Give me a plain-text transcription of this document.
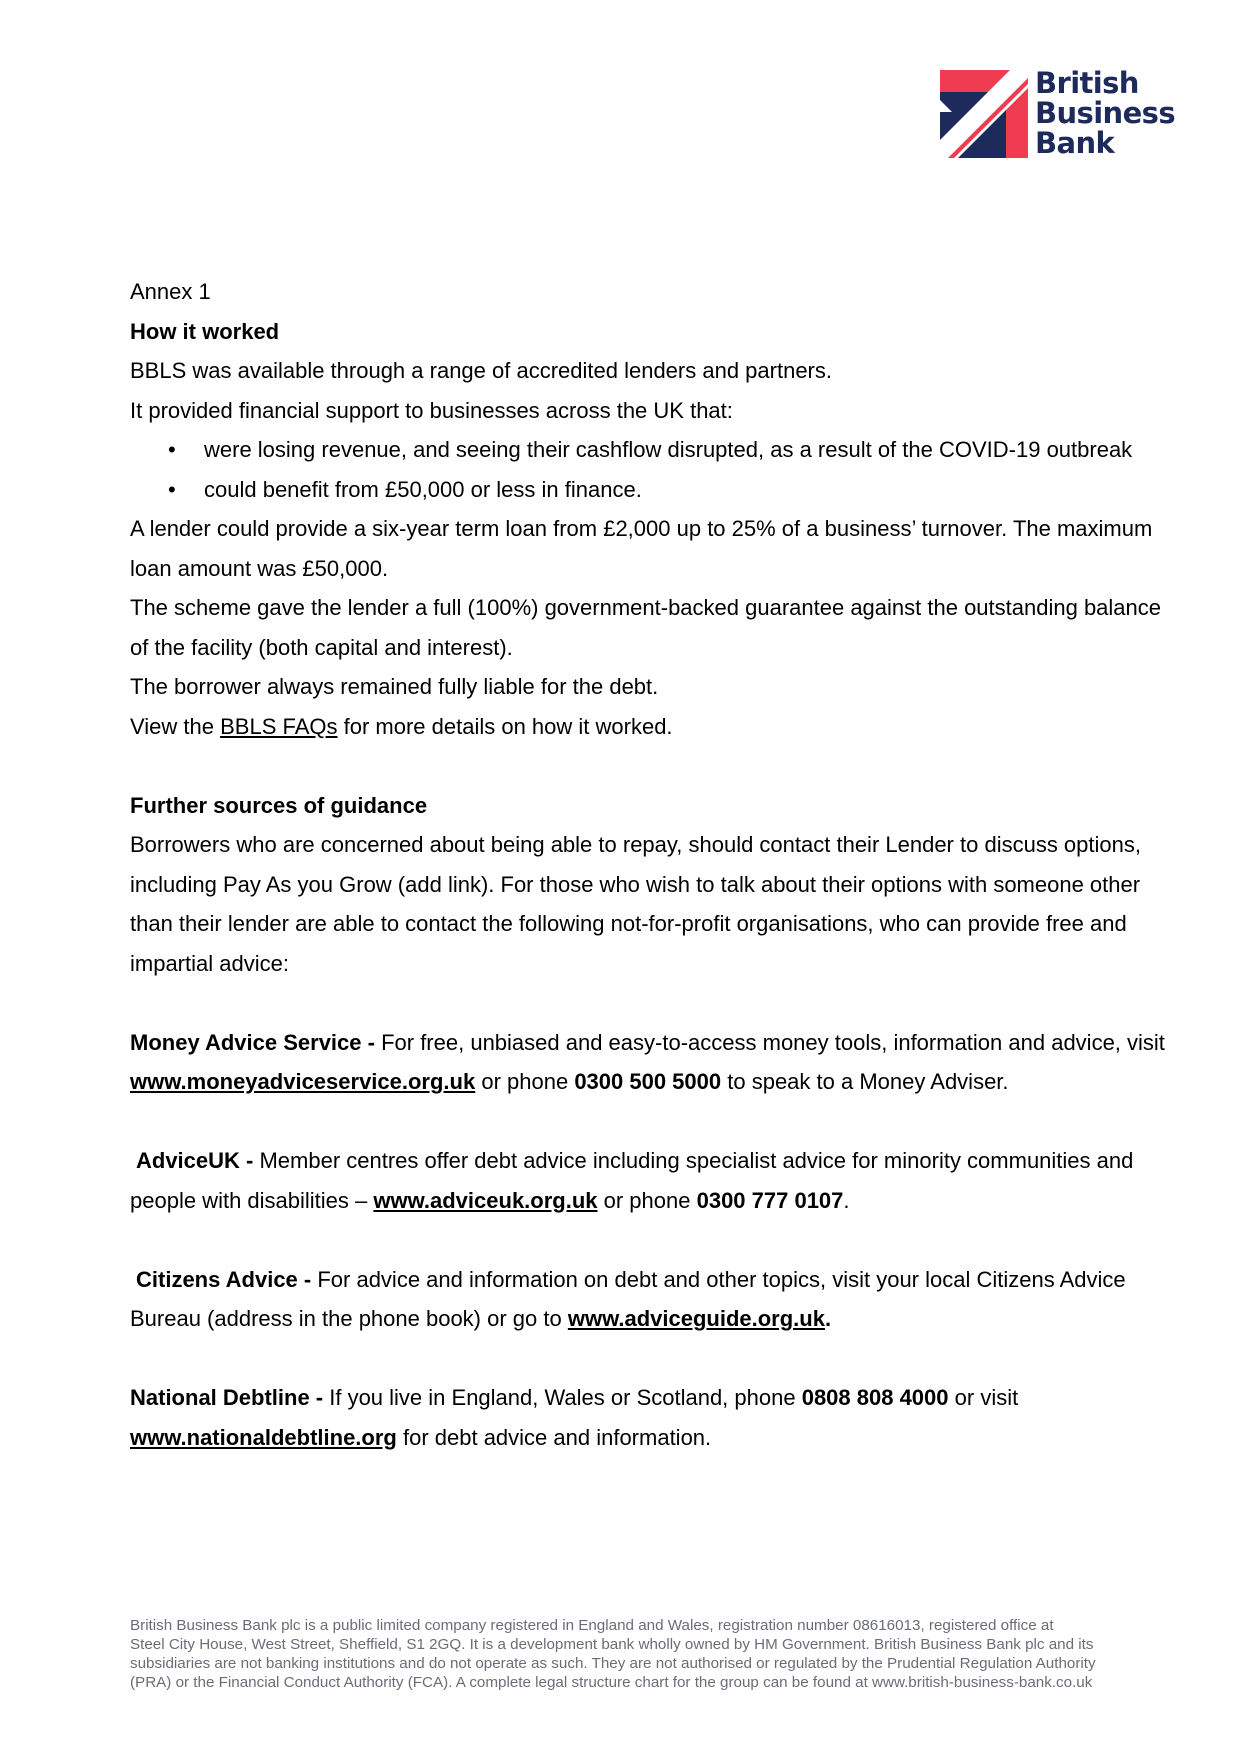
British
Business
Bank

Annex 1

How it worked

BBLS was available through a range of accredited lenders and partners.

It provided financial support to businesses across the UK that:

• were losing revenue, and seeing their cashflow disrupted, as a result of the COVID-19 outbreak
• could benefit from £50,000 or less in finance.

A lender could provide a six-year term loan from £2,000 up to 25% of a business’ turnover. The maximum loan amount was £50,000.

The scheme gave the lender a full (100%) government-backed guarantee against the outstanding balance of the facility (both capital and interest).

The borrower always remained fully liable for the debt.

View the BBLS FAQs for more details on how it worked.

Further sources of guidance

Borrowers who are concerned about being able to repay, should contact their Lender to discuss options, including Pay As you Grow (add link). For those who wish to talk about their options with someone other than their lender are able to contact the following not-for-profit organisations, who can provide free and impartial advice:

Money Advice Service - For free, unbiased and easy-to-access money tools, information and advice, visit www.moneyadviceservice.org.uk or phone 0300 500 5000 to speak to a Money Adviser.

AdviceUK - Member centres offer debt advice including specialist advice for minority communities and people with disabilities – www.adviceuk.org.uk or phone 0300 777 0107.

Citizens Advice - For advice and information on debt and other topics, visit your local Citizens Advice Bureau (address in the phone book) or go to www.adviceguide.org.uk.

National Debtline - If you live in England, Wales or Scotland, phone 0808 808 4000 or visit www.nationaldebtline.org for debt advice and information.

British Business Bank plc is a public limited company registered in England and Wales, registration number 08616013, registered office at
Steel City House, West Street, Sheffield, S1 2GQ. It is a development bank wholly owned by HM Government. British Business Bank plc and its
subsidiaries are not banking institutions and do not operate as such. They are not authorised or regulated by the Prudential Regulation Authority
(PRA) or the Financial Conduct Authority (FCA). A complete legal structure chart for the group can be found at www.british-business-bank.co.uk
